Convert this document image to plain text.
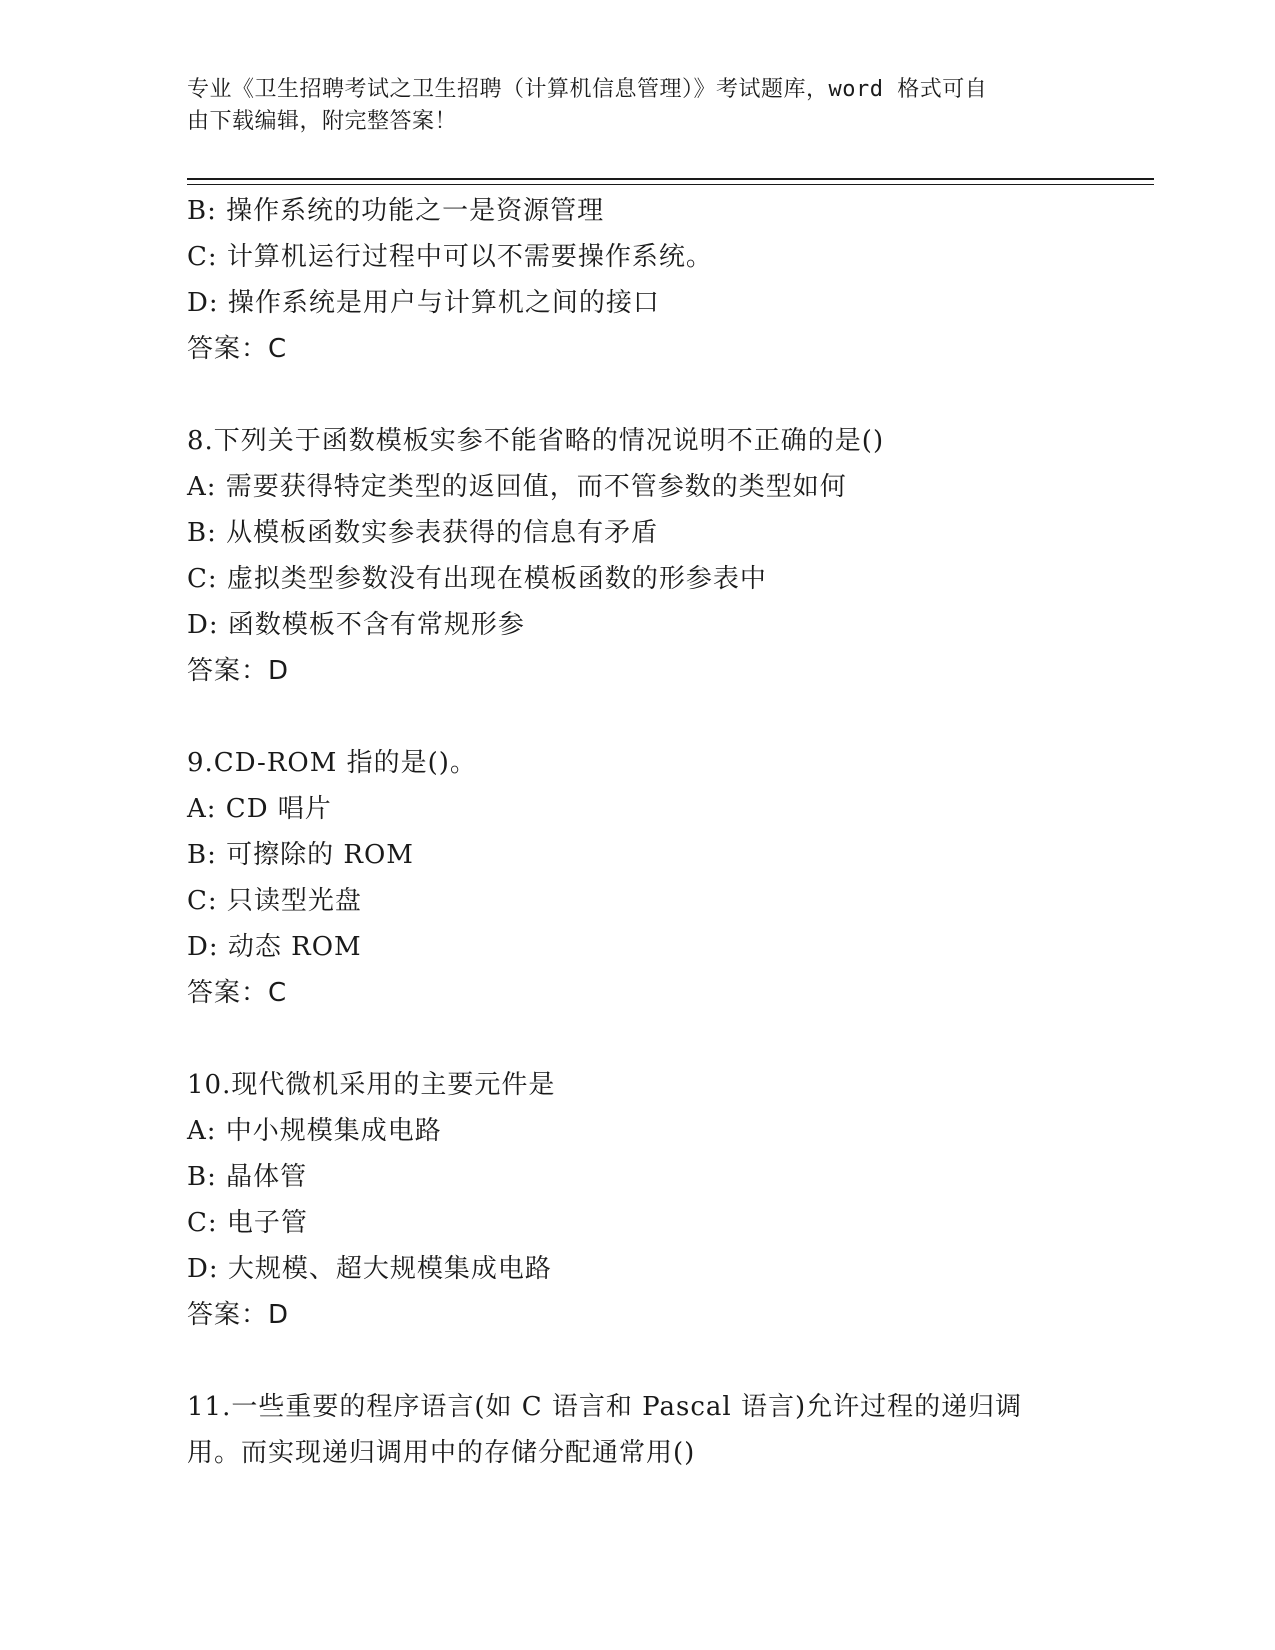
专业《卫生招聘考试之卫生招聘（计算机信息管理）》考试题库，word 格式可自
由下载编辑，附完整答案！
B: 操作系统的功能之一是资源管理
C: 计算机运行过程中可以不需要操作系统。
D: 操作系统是用户与计算机之间的接口
答案：C
8.下列关于函数模板实参不能省略的情况说明不正确的是()
A: 需要获得特定类型的返回值，而不管参数的类型如何
B: 从模板函数实参表获得的信息有矛盾
C: 虚拟类型参数没有出现在模板函数的形参表中
D: 函数模板不含有常规形参
答案：D
9.CD-ROM 指的是()。
A: CD 唱片
B: 可擦除的 ROM
C: 只读型光盘
D: 动态 ROM
答案：C
10.现代微机采用的主要元件是
A: 中小规模集成电路
B: 晶体管
C: 电子管
D: 大规模、超大规模集成电路
答案：D
11.一些重要的程序语言(如 C 语言和 Pascal 语言)允许过程的递归调
用。而实现递归调用中的存储分配通常用()
